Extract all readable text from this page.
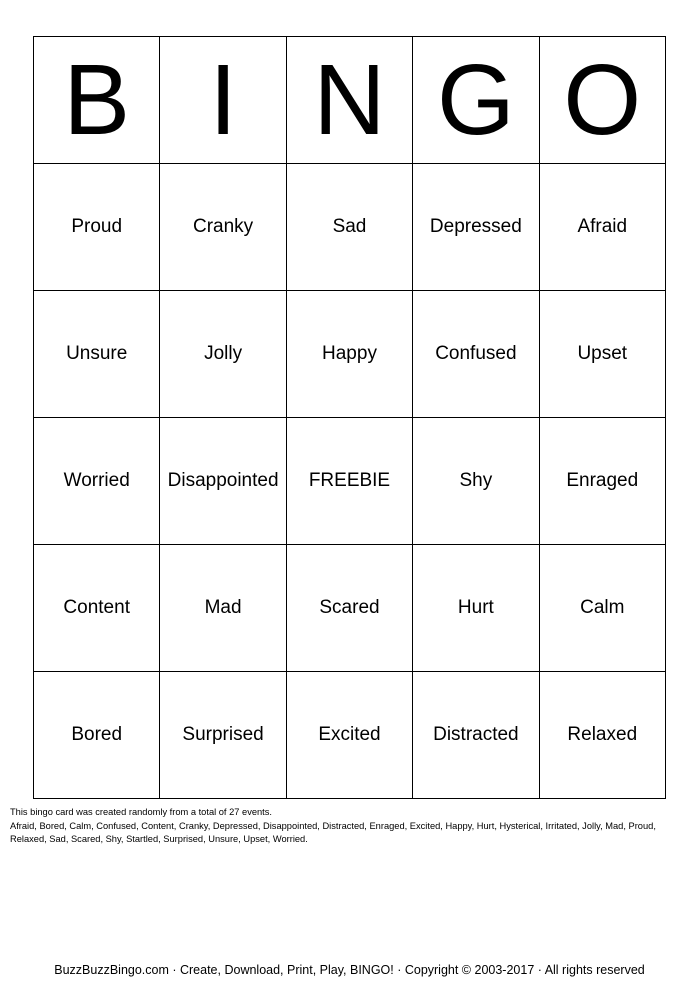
B	I	N	G	O
Proud	Cranky	Sad	Depressed	Afraid
Unsure	Jolly	Happy	Confused	Upset
Worried	Disappointed	FREEBIE	Shy	Enraged
Content	Mad	Scared	Hurt	Calm
Bored	Surprised	Excited	Distracted	Relaxed
This bingo card was created randomly from a total of 27 events.
Afraid, Bored, Calm, Confused, Content, Cranky, Depressed, Disappointed, Distracted, Enraged, Excited, Happy, Hurt, Hysterical, Irritated, Jolly, Mad, Proud, Relaxed, Sad, Scared, Shy, Startled, Surprised, Unsure, Upset, Worried.
BuzzBuzzBingo.com · Create, Download, Print, Play, BINGO! · Copyright © 2003-2017 · All rights reserved
